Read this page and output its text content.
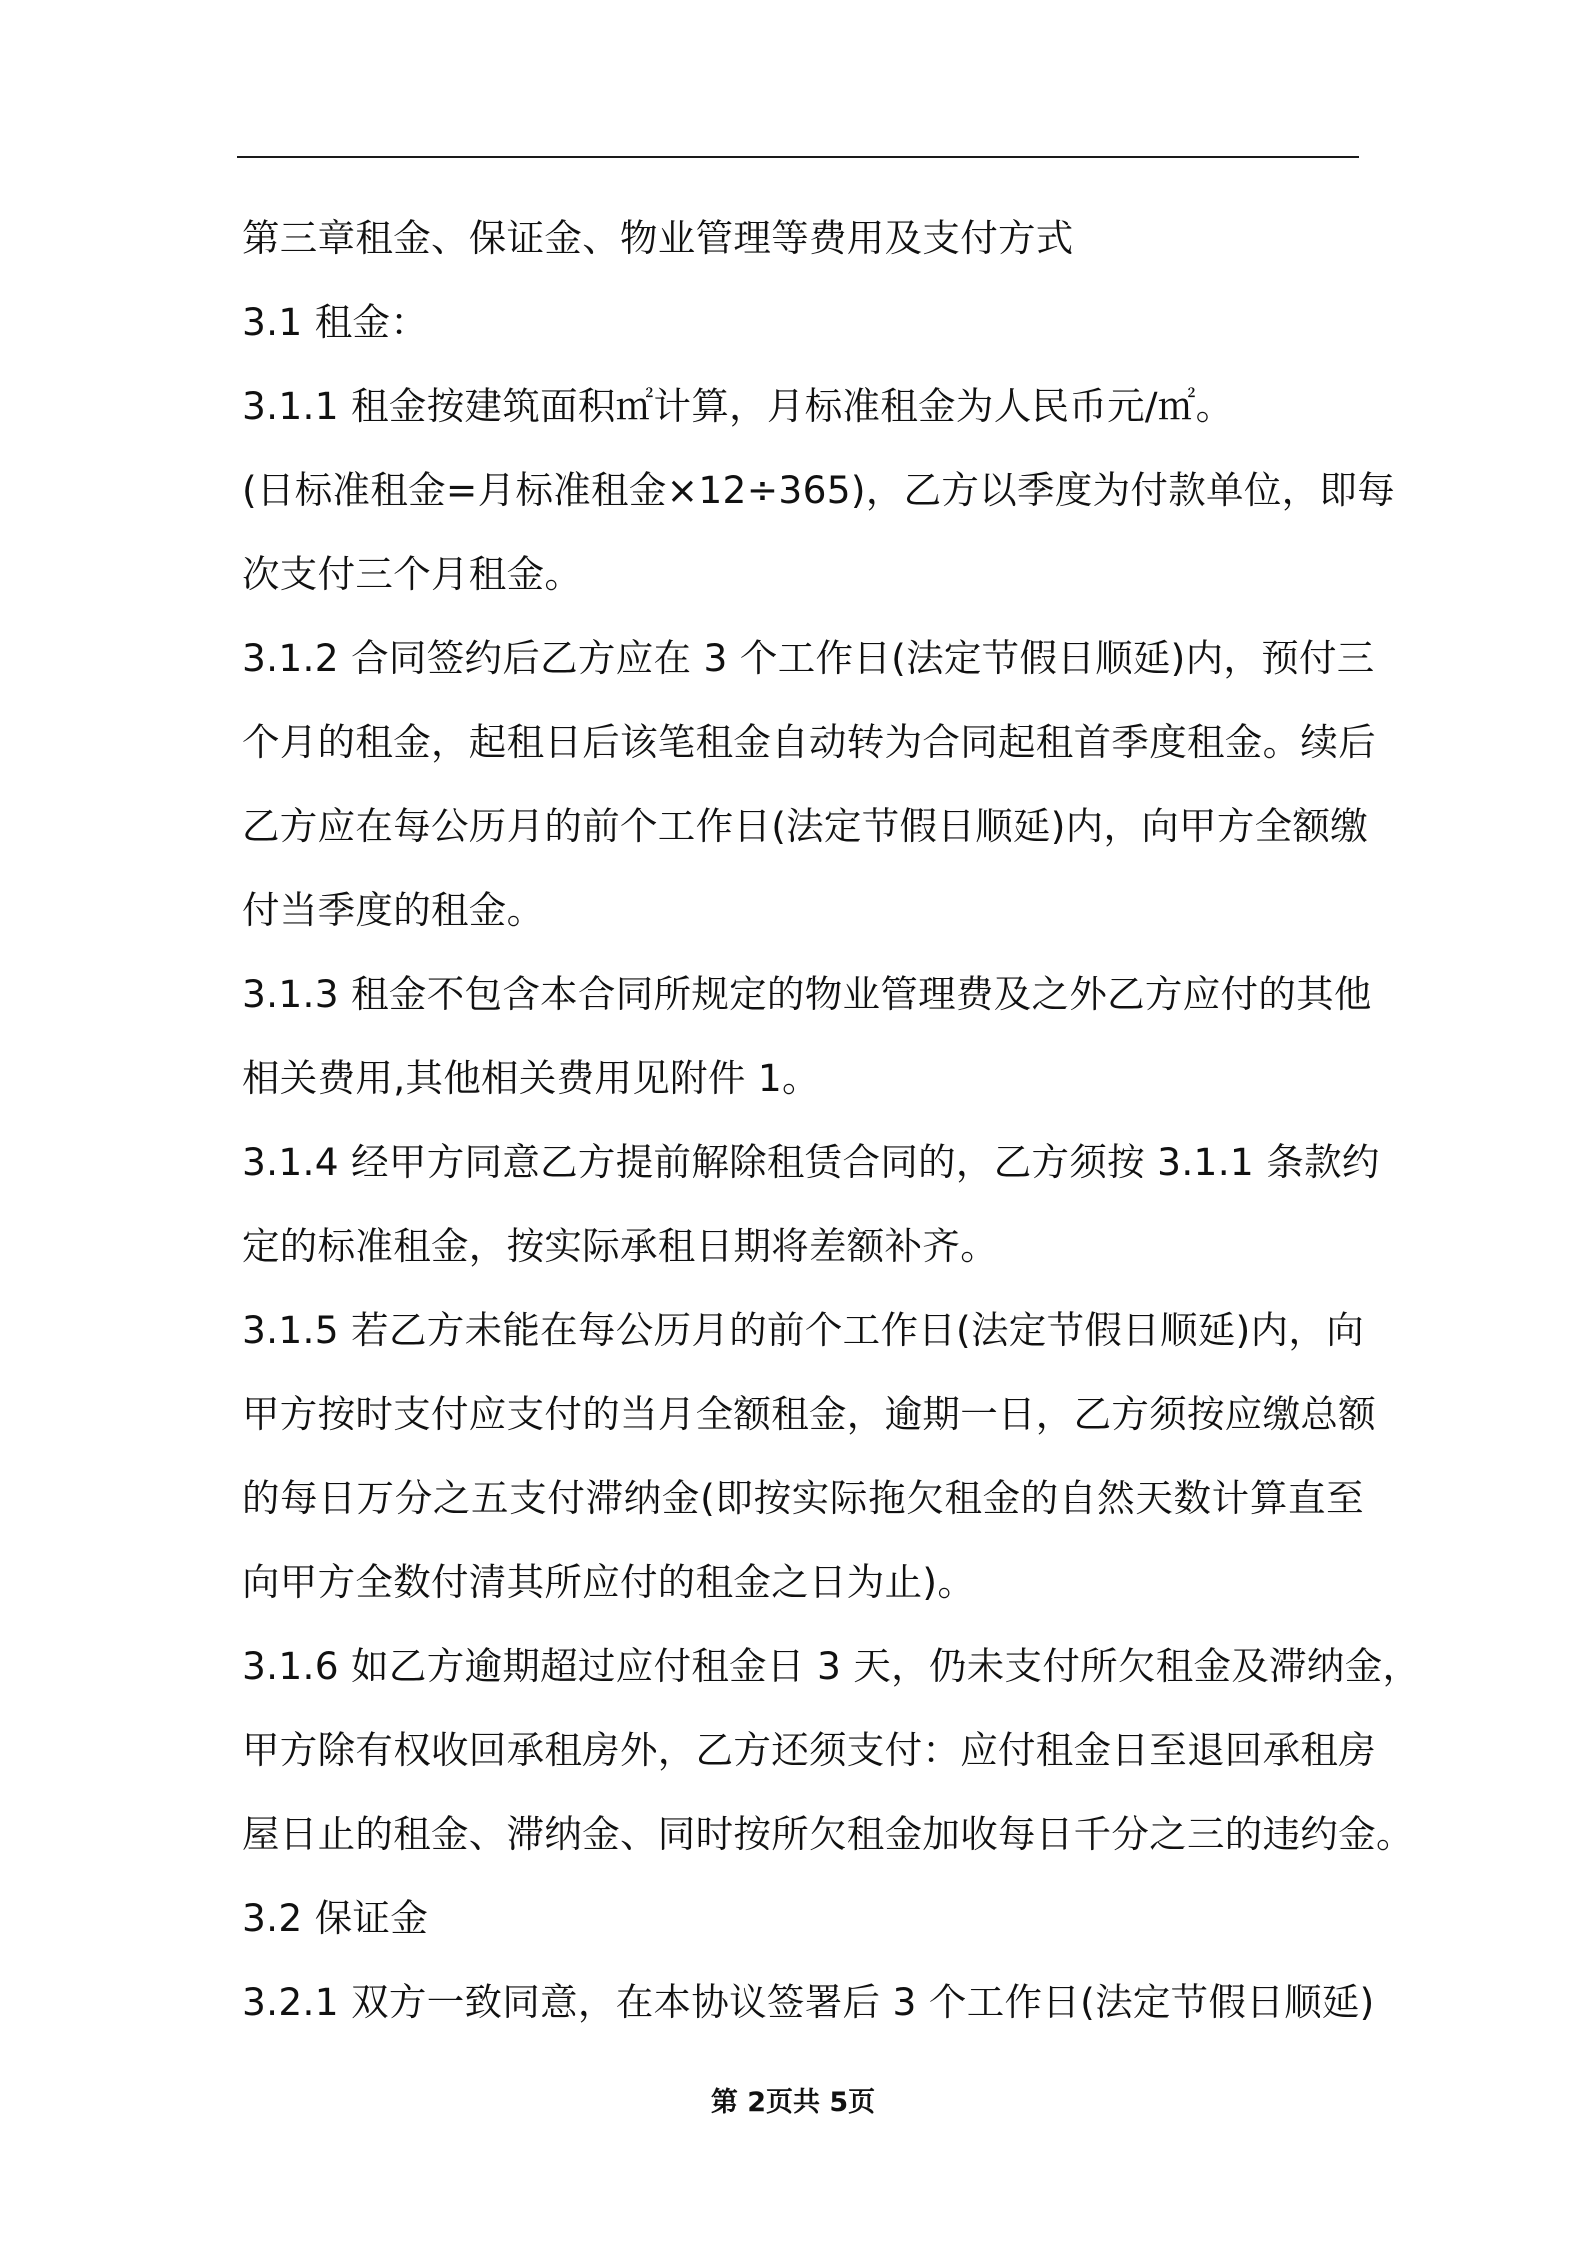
第三章租金、保证金、物业管理等费用及支付方式
3.1 租金：
3.1.1 租金按建筑面积㎡计算，月标准租金为人民币元/㎡。
(日标准租金=月标准租金×12÷365)，乙方以季度为付款单位，即每
次支付三个月租金。
3.1.2 合同签约后乙方应在 3 个工作日(法定节假日顺延)内，预付三
个月的租金，起租日后该笔租金自动转为合同起租首季度租金。续后
乙方应在每公历月的前个工作日(法定节假日顺延)内，向甲方全额缴
付当季度的租金。
3.1.3 租金不包含本合同所规定的物业管理费及之外乙方应付的其他
相关费用,其他相关费用见附件 1。
3.1.4 经甲方同意乙方提前解除租赁合同的，乙方须按 3.1.1 条款约
定的标准租金，按实际承租日期将差额补齐。
3.1.5 若乙方未能在每公历月的前个工作日(法定节假日顺延)内，向
甲方按时支付应支付的当月全额租金，逾期一日，乙方须按应缴总额
的每日万分之五支付滞纳金(即按实际拖欠租金的自然天数计算直至
向甲方全数付清其所应付的租金之日为止)。
3.1.6 如乙方逾期超过应付租金日 3 天，仍未支付所欠租金及滞纳金，
甲方除有权收回承租房外，乙方还须支付：应付租金日至退回承租房
屋日止的租金、滞纳金、同时按所欠租金加收每日千分之三的违约金。
3.2 保证金
3.2.1 双方一致同意，在本协议签署后 3 个工作日(法定节假日顺延)
第 2页共 5页
